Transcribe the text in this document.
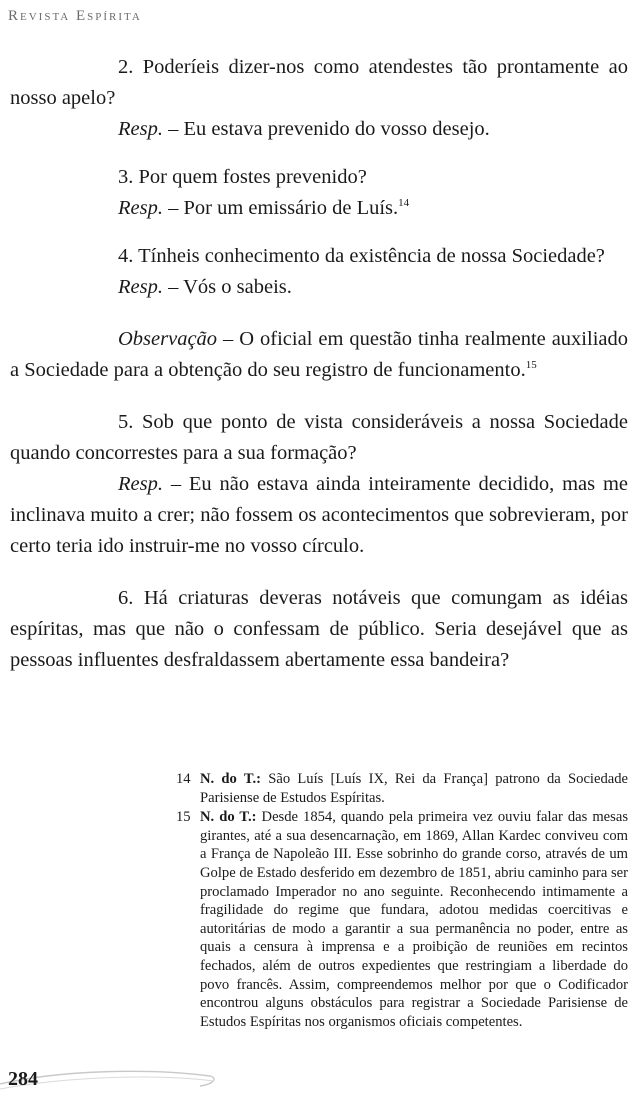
Revista Espírita

2. Poderíeis dizer-nos como atendestes tão prontamente ao nosso apelo?

Resp. – Eu estava prevenido do vosso desejo.

3. Por quem fostes prevenido?

Resp. – Por um emissário de Luís.$^{14}$

4. Tínheis conhecimento da existência de nossa Sociedade?

Resp. – Vós o sabeis.

Observação – O oficial em questão tinha realmente auxiliado a Sociedade para a obtenção do seu registro de funcionamento.$^{15}$

5. Sob que ponto de vista consideráveis a nossa Sociedade quando concorrestes para a sua formação?

Resp. – Eu não estava ainda inteiramente decidido, mas me inclinava muito a crer; não fossem os acontecimentos que sobrevieram, por certo teria ido instruir-me no vosso círculo.

6. Há criaturas deveras notáveis que comungam as idéias espíritas, mas que não o confessam de público. Seria desejável que as pessoas influentes desfraldassem abertamente essa bandeira?

14 N. do T.: São Luís [Luís IX, Rei da França] patrono da Sociedade Parisiense de Estudos Espíritas.
15 N. do T.: Desde 1854, quando pela primeira vez ouviu falar das mesas girantes, até a sua desencarnação, em 1869, Allan Kardec conviveu com a França de Napoleão III. Esse sobrinho do grande corso, através de um Golpe de Estado desferido em dezembro de 1851, abriu caminho para ser proclamado Imperador no ano seguinte. Reconhecendo intimamente a fragilidade do regime que fundara, adotou medidas coercitivas e autoritárias de modo a garantir a sua permanência no poder, entre as quais a censura à imprensa e a proibição de reuniões em recintos fechados, além de outros expedientes que restringiam a liberdade do povo francês. Assim, compreendemos melhor por que o Codificador encontrou alguns obstáculos para registrar a Sociedade Parisiense de Estudos Espíritas nos organismos oficiais competentes.
284
